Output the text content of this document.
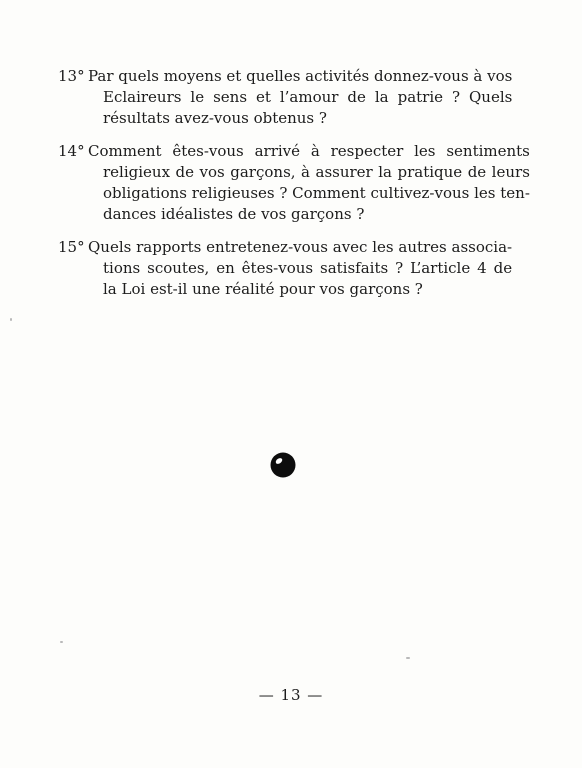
13° Par quels moyens et quelles activités donnez-vous à vos
Eclaireurs le sens et l’amour de la patrie ? Quels
résultats avez-vous obtenus ?
14° Comment êtes-vous arrivé à respecter les sentiments
religieux de vos garçons, à assurer la pratique de leurs
obligations religieuses ? Comment cultivez-vous les ten-
dances idéalistes de vos garçons ?
15° Quels rapports entretenez-vous avec les autres associa-
tions scoutes, en êtes-vous satisfaits ? L’article 4 de
la Loi est-il une réalité pour vos garçons ?
— 13 —
